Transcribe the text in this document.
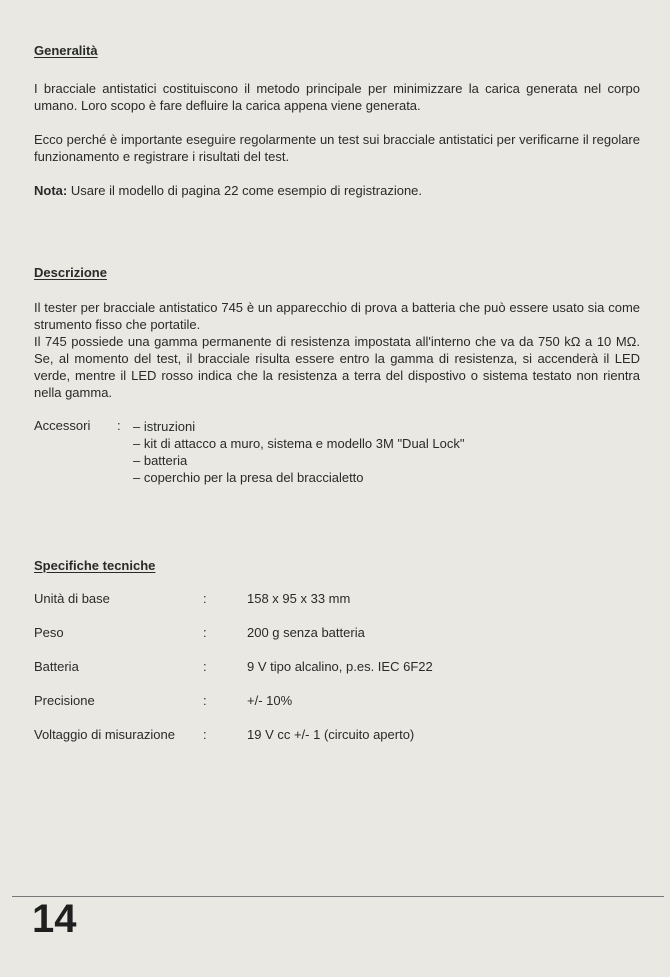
Generalità

I bracciale antistatici costituiscono il metodo principale per minimizzare la carica generata nel corpo umano. Loro scopo è fare defluire la carica appena viene generata.

Ecco perché è importante eseguire regolarmente un test sui bracciale antistatici per verificarne il regolare funzionamento e registrare i risultati del test.

Nota: Usare il modello di pagina 22 come esempio di registrazione.

Descrizione

Il tester per bracciale antistatico 745 è un apparecchio di prova a batteria che può essere usato sia come strumento fisso che portatile.

Il 745 possiede una gamma permanente di resistenza impostata all'interno che va da 750 kΩ a 10 MΩ. Se, al momento del test, il bracciale risulta essere entro la gamma di resistenza, si accenderà il LED verde, mentre il LED rosso indica che la resistenza a terra del dispostivo o sistema testato non rientra nella gamma.

Accessori : – istruzioni
– kit di attacco a muro, sistema e modello 3M "Dual Lock"
– batteria
– coperchio per la presa del braccialetto
Specifiche tecniche
Unità di base	:	158 x 95 x 33 mm
Peso	:	200 g senza batteria
Batteria	:	9 V tipo alcalino, p.es. IEC 6F22
Precisione	:	+/- 10%
Voltaggio di misurazione :	19 V cc +/- 1 (circuito aperto)
14
